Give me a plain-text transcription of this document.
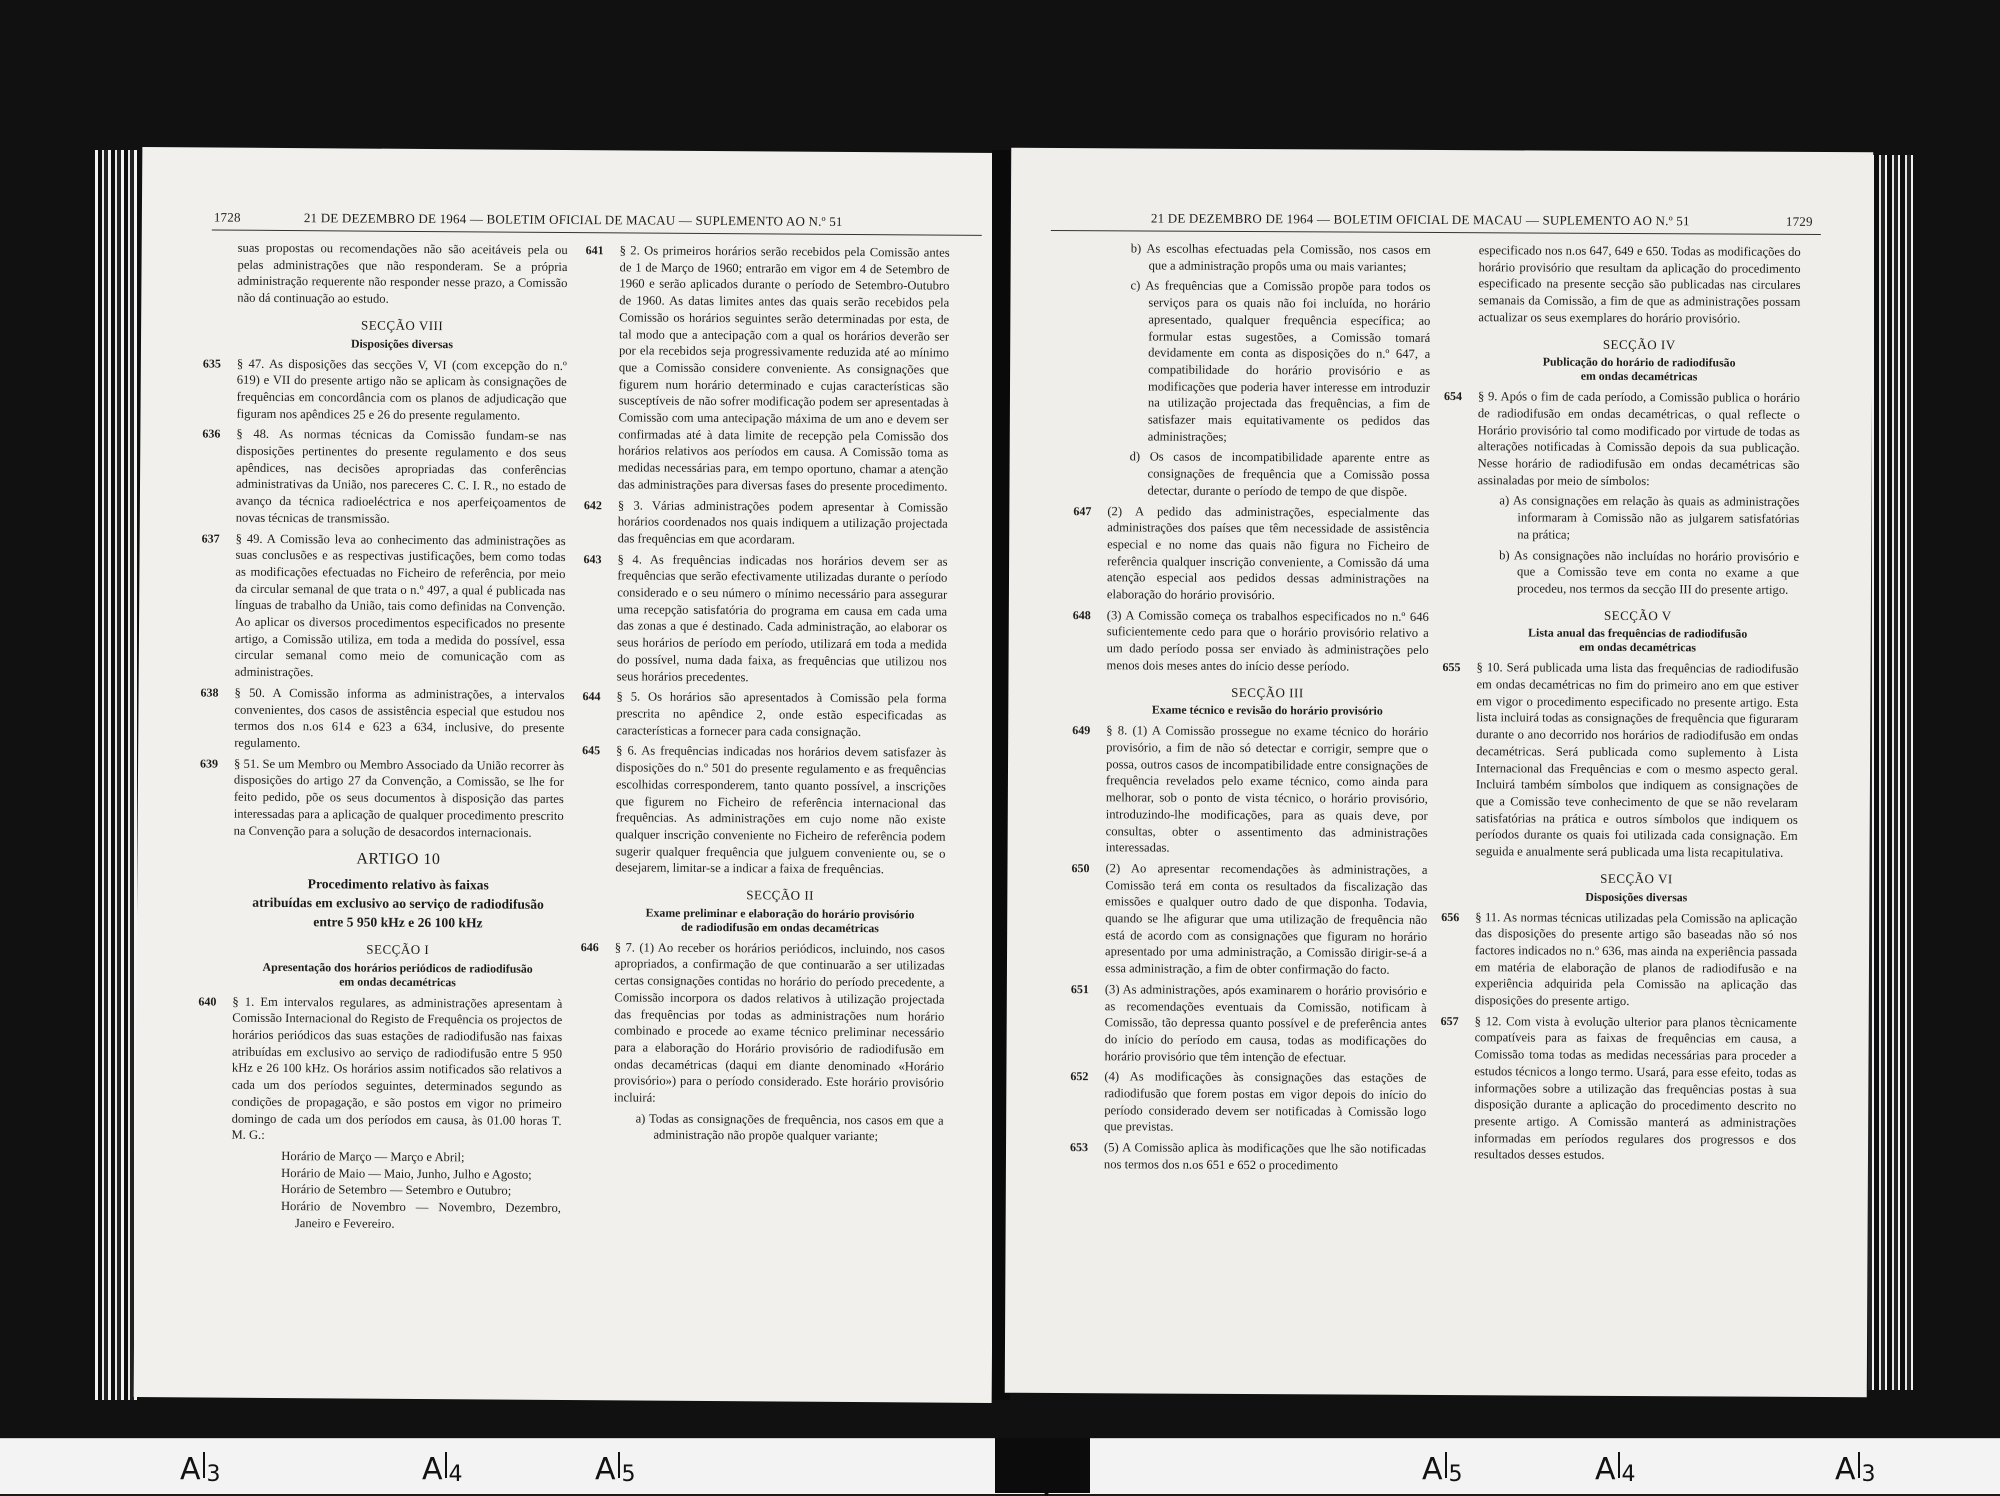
1728	21 DE DEZEMBRO DE 1964 — BOLETIM OFICIAL DE MACAU — SUPLEMENTO AO N.º 51

suas propostas ou recomendações não são aceitáveis pela ou pelas administrações que não responderam. Se a própria administração requerente não responder nesse prazo, a Comissão não dá continuação ao estudo.

SECÇÃO VIII
Disposições diversas
635 § 47. As disposições das secções V, VI (com excepção do n.º 619) e VII do presente artigo não se aplicam às consignações de frequências em concordância com os planos de adjudicação que figuram nos apêndices 25 e 26 do presente regulamento.

636 § 48. As normas técnicas da Comissão fundam-se nas disposições pertinentes do presente regulamento e dos seus apêndices, nas decisões apropriadas das conferências administrativas da União, nos pareceres C. C. I. R., no estado de avanço da técnica radioeléctrica e nos aperfeiçoamentos de novas técnicas de transmissão.

637 § 49. A Comissão leva ao conhecimento das administrações as suas conclusões e as respectivas justificações, bem como todas as modificações efectuadas no Ficheiro de referência, por meio da circular semanal de que trata o n.º 497, a qual é publicada nas línguas de trabalho da União, tais como definidas na Convenção. Ao aplicar os diversos procedimentos especificados no presente artigo, a Comissão utiliza, em toda a medida do possível, essa circular semanal como meio de comunicação com as administrações.

638 § 50. A Comissão informa as administrações, a intervalos convenientes, dos casos de assistência especial que estudou nos termos dos n.os 614 e 623 a 634, inclusive, do presente regulamento.

639 § 51. Se um Membro ou Membro Associado da União recorrer às disposições do artigo 27 da Convenção, a Comissão, se lhe for feito pedido, põe os seus documentos à disposição das partes interessadas para a aplicação de qualquer procedimento prescrito na Convenção para a solução de desacordos internacionais.

ARTIGO 10
Procedimento relativo às faixas
atribuídas em exclusivo ao serviço de radiodifusão
entre 5 950 kHz e 26 100 kHz
SECÇÃO I
Apresentação dos horários periódicos de radiodifusão
em ondas decamétricas
640 § 1. Em intervalos regulares, as administrações apresentam à Comissão Internacional do Registo de Frequência os projectos de horários periódicos das suas estações de radiodifusão nas faixas atribuídas em exclusivo ao serviço de radiodifusão entre 5 950 kHz e 26 100 kHz. Os horários assim notificados são relativos a cada um dos períodos seguintes, determinados segundo as condições de propagação, e são postos em vigor no primeiro domingo de cada um dos períodos em causa, às 01.00 horas T. M. G.:

Horário de Março — Março e Abril;
Horário de Maio — Maio, Junho, Julho e Agosto;
Horário de Setembro — Setembro e Outubro;
Horário de Novembro — Novembro, Dezembro, Janeiro e Fevereiro.
641 § 2. Os primeiros horários serão recebidos pela Comissão antes de 1 de Março de 1960; entrarão em vigor em 4 de Setembro de 1960 e serão aplicados durante o período de Setembro-Outubro de 1960. As datas limites antes das quais serão recebidos pela Comissão os horários seguintes serão determinadas por esta, de tal modo que a antecipação com a qual os horários deverão ser por ela recebidos seja progressivamente reduzida até ao mínimo que a Comissão considere conveniente. As consignações que figurem num horário determinado e cujas características são susceptíveis de não sofrer modificação podem ser apresentadas à Comissão com uma antecipação máxima de um ano e devem ser confirmadas até à data limite de recepção pela Comissão dos horários relativos aos períodos em causa. A Comissão toma as medidas necessárias para, em tempo oportuno, chamar a atenção das administrações para diversas fases do presente procedimento.

642 § 3. Várias administrações podem apresentar à Comissão horários coordenados nos quais indiquem a utilização projectada das frequências em que acordaram.

643 § 4. As frequências indicadas nos horários devem ser as frequências que serão efectivamente utilizadas durante o período considerado e o seu número o mínimo necessário para assegurar uma recepção satisfatória do programa em causa em cada uma das zonas a que é destinado. Cada administração, ao elaborar os seus horários de período em período, utilizará em toda a medida do possível, numa dada faixa, as frequências que utilizou nos seus horários precedentes.

644 § 5. Os horários são apresentados à Comissão pela forma prescrita no apêndice 2, onde estão especificadas as características a fornecer para cada consignação.

645 § 6. As frequências indicadas nos horários devem satisfazer às disposições do n.º 501 do presente regulamento e as frequências escolhidas corresponderem, tanto quanto possível, a inscrições que figurem no Ficheiro de referência internacional das frequências. As administrações em cujo nome não existe qualquer inscrição conveniente no Ficheiro de referência podem sugerir qualquer frequência que julguem conveniente ou, se o desejarem, limitar-se a indicar a faixa de frequências.

SECÇÃO II
Exame preliminar e elaboração do horário provisório
de radiodifusão em ondas decamétricas
646 § 7. (1) Ao receber os horários periódicos, incluindo, nos casos apropriados, a confirmação de que continuarão a ser utilizadas certas consignações contidas no horário do período precedente, a Comissão incorpora os dados relativos à utilização projectada das frequências por todas as administrações num horário combinado e procede ao exame técnico preliminar necessário para a elaboração do Horário provisório de radiodifusão em ondas decamétricas (daqui em diante denominado «Horário provisório») para o período considerado. Este horário provisório incluirá:

a) Todas as consignações de frequência, nos casos em que a administração não propõe qualquer variante;
21 DE DEZEMBRO DE 1964 — BOLETIM OFICIAL DE MACAU — SUPLEMENTO AO N.º 51	1729
b) As escolhas efectuadas pela Comissão, nos casos em que a administração propôs uma ou mais variantes;
c) As frequências que a Comissão propõe para todos os serviços para os quais não foi incluída, no horário apresentado, qualquer frequência específica; ao formular estas sugestões, a Comissão tomará devidamente em conta as disposições do n.º 647, a compatibilidade do horário provisório e as modificações que poderia haver interesse em introduzir na utilização projectada das frequências, a fim de satisfazer mais equitativamente os pedidos das administrações;
d) Os casos de incompatibilidade aparente entre as consignações de frequência que a Comissão possa detectar, durante o período de tempo de que dispõe.
647 (2) A pedido das administrações, especialmente das administrações dos países que têm necessidade de assistência especial e no nome das quais não figura no Ficheiro de referência qualquer inscrição conveniente, a Comissão dá uma atenção especial aos pedidos dessas administrações na elaboração do horário provisório.

648 (3) A Comissão começa os trabalhos especificados no n.º 646 suficientemente cedo para que o horário provisório relativo a um dado período possa ser enviado às administrações pelo menos dois meses antes do início desse período.

SECÇÃO III
Exame técnico e revisão do horário provisório
649 § 8. (1) A Comissão prossegue no exame técnico do horário provisório, a fim de não só detectar e corrigir, sempre que o possa, outros casos de incompatibilidade entre consignações de frequência revelados pelo exame técnico, como ainda para melhorar, sob o ponto de vista técnico, o horário provisório, introduzindo-lhe modificações, para as quais deve, por consultas, obter o assentimento das administrações interessadas.

650 (2) Ao apresentar recomendações às administrações, a Comissão terá em conta os resultados da fiscalização das emissões e qualquer outro dado de que disponha. Todavia, quando se lhe afigurar que uma utilização de frequência não está de acordo com as consignações que figuram no horário apresentado por uma administração, a Comissão dirigir-se-á a essa administração, a fim de obter confirmação do facto.

651 (3) As administrações, após examinarem o horário provisório e as recomendações eventuais da Comissão, notificam à Comissão, tão depressa quanto possível e de preferência antes do início do período em causa, todas as modificações do horário provisório que têm intenção de efectuar.

652 (4) As modificações às consignações das estações de radiodifusão que forem postas em vigor depois do início do período considerado devem ser notificadas à Comissão logo que previstas.

653 (5) A Comissão aplica às modificações que lhe são notificadas nos termos dos n.os 651 e 652 o procedimento

especificado nos n.os 647, 649 e 650. Todas as modificações do horário provisório que resultam da aplicação do procedimento especificado na presente secção são publicadas nas circulares semanais da Comissão, a fim de que as administrações possam actualizar os seus exemplares do horário provisório.

SECÇÃO IV
Publicação do horário de radiodifusão
em ondas decamétricas
654 § 9. Após o fim de cada período, a Comissão publica o horário de radiodifusão em ondas decamétricas, o qual reflecte o Horário provisório tal como modificado por virtude de todas as alterações notificadas à Comissão depois da sua publicação. Nesse horário de radiodifusão em ondas decamétricas são assinaladas por meio de símbolos:

a) As consignações em relação às quais as administrações informaram à Comissão não as julgarem satisfatórias na prática;
b) As consignações não incluídas no horário provisório e que a Comissão teve em conta no exame a que procedeu, nos termos da secção III do presente artigo.
SECÇÃO V
Lista anual das frequências de radiodifusão
em ondas decamétricas
655 § 10. Será publicada uma lista das frequências de radiodifusão em ondas decamétricas no fim do primeiro ano em que estiver em vigor o procedimento especificado no presente artigo. Esta lista incluirá todas as consignações de frequência que figuraram durante o ano decorrido nos horários de radiodifusão em ondas decamétricas. Será publicada como suplemento à Lista Internacional das Frequências e com o mesmo aspecto geral. Incluirá também símbolos que indiquem as consignações de que a Comissão teve conhecimento de que se não revelaram satisfatórias na prática e outros símbolos que indiquem os períodos durante os quais foi utilizada cada consignação. Em seguida e anualmente será publicada uma lista recapitulativa.

SECÇÃO VI
Disposições diversas
656 § 11. As normas técnicas utilizadas pela Comissão na aplicação das disposições do presente artigo são baseadas não só nos factores indicados no n.º 636, mas ainda na experiência passada em matéria de elaboração de planos de radiodifusão e na experiência adquirida pela Comissão na aplicação das disposições do presente artigo.

657 § 12. Com vista à evolução ulterior para planos tècnicamente compatíveis para as faixas de frequências em causa, a Comissão toma todas as medidas necessárias para proceder a estudos técnicos a longo termo. Usará, para esse efeito, todas as informações sobre a utilização das frequências postas à sua disposição durante a aplicação do procedimento descrito no presente artigo. A Comissão manterá as administrações informadas em períodos regulares dos progressos e dos resultados desses estudos.

A 3	A 4	A 5	A 5	A 4	A 3
